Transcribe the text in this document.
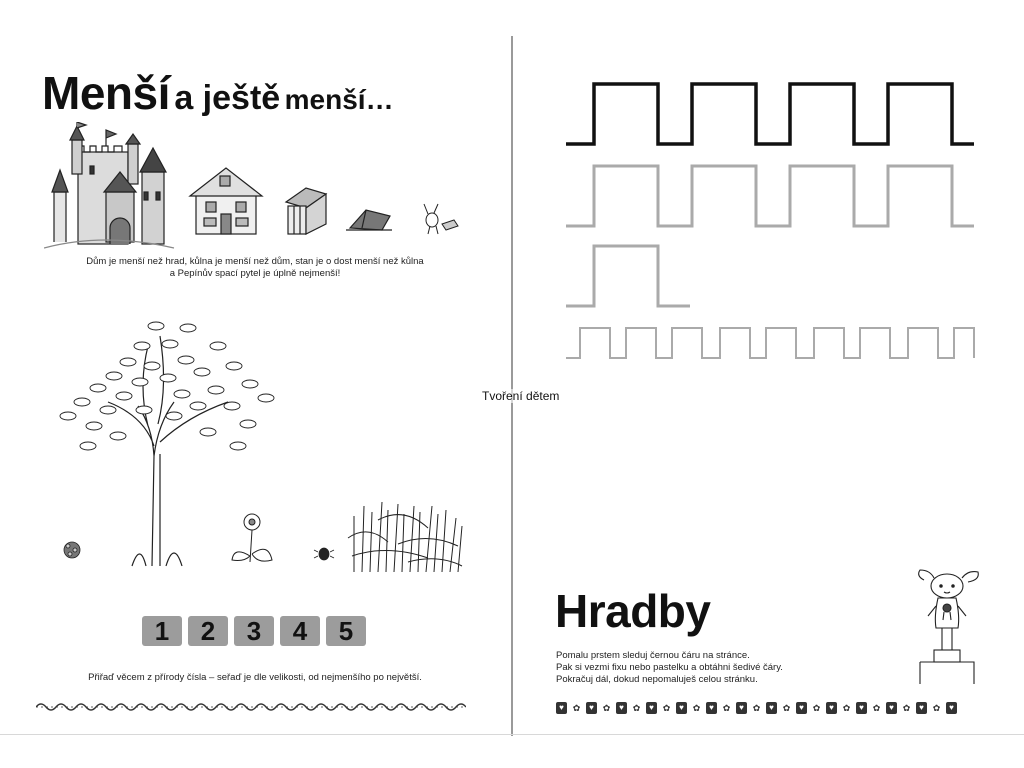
Menší a ještě menší…
Dům je menší než hrad, kůlna je menší než dům, stan je o dost menší než kůlna
a Pepínův spací pytel je úplně nejmenší!
1	2	3	4	5
Přiřaď věcem z přírody čísla – seřaď je dle velikosti, od nejmenšího po největší.
Hradby
Pomalu prstem sleduj černou čáru na stránce.
Pak si vezmi fixu nebo pastelku a obtáhni šedivé čáry.
Pokračuj dál, dokud nepomaluješ celou stránku.
♥ ✿	♥ ✿	♥ ✿	♥ ✿	♥ ✿	♥ ✿	♥ ✿	♥ ✿	♥ ✿	♥ ✿	♥ ✿	♥ ✿	♥ ✿	♥
Tvoření dětem
